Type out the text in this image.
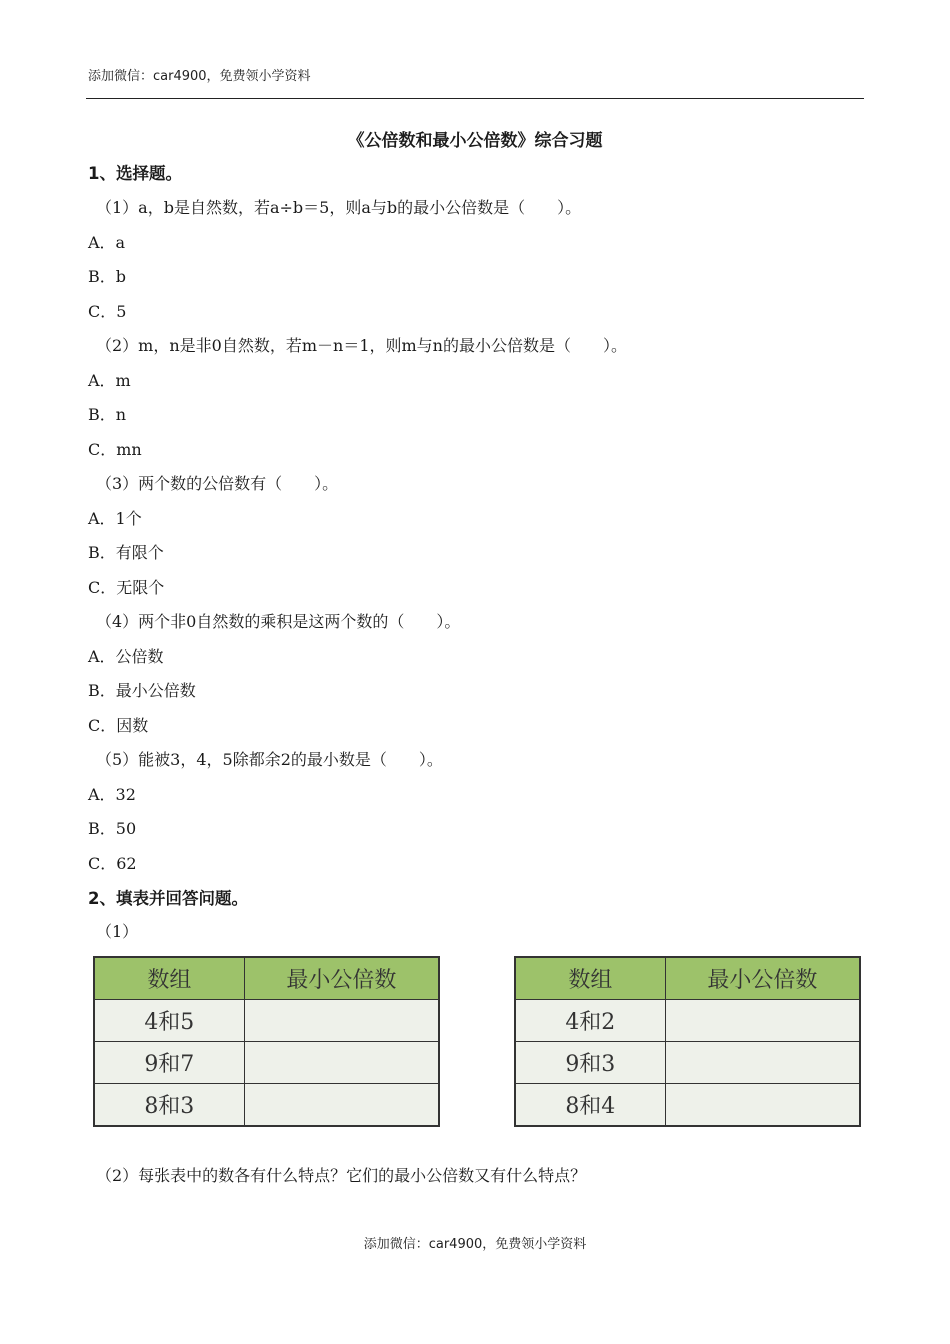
添加微信：car4900，免费领小学资料
《公倍数和最小公倍数》综合习题
1、选择题。
（1）a，b是自然数，若a÷b＝5，则a与b的最小公倍数是（　　）。
A．a
B．b
C．5
（2）m，n是非0自然数，若m－n＝1，则m与n的最小公倍数是（　　）。
A．m
B．n
C．mn
（3）两个数的公倍数有（　　）。
A．1个
B．有限个
C．无限个
（4）两个非0自然数的乘积是这两个数的（　　）。
A．公倍数
B．最小公倍数
C．因数
（5）能被3，4，5除都余2的最小数是（　　）。
A．32
B．50
C．62
2、填表并回答问题。
（1）
数组	最小公倍数
4和5	
9和7	
8和3	
数组	最小公倍数
4和2	
9和3	
8和4	
（2）每张表中的数各有什么特点？它们的最小公倍数又有什么特点？
添加微信：car4900，免费领小学资料
